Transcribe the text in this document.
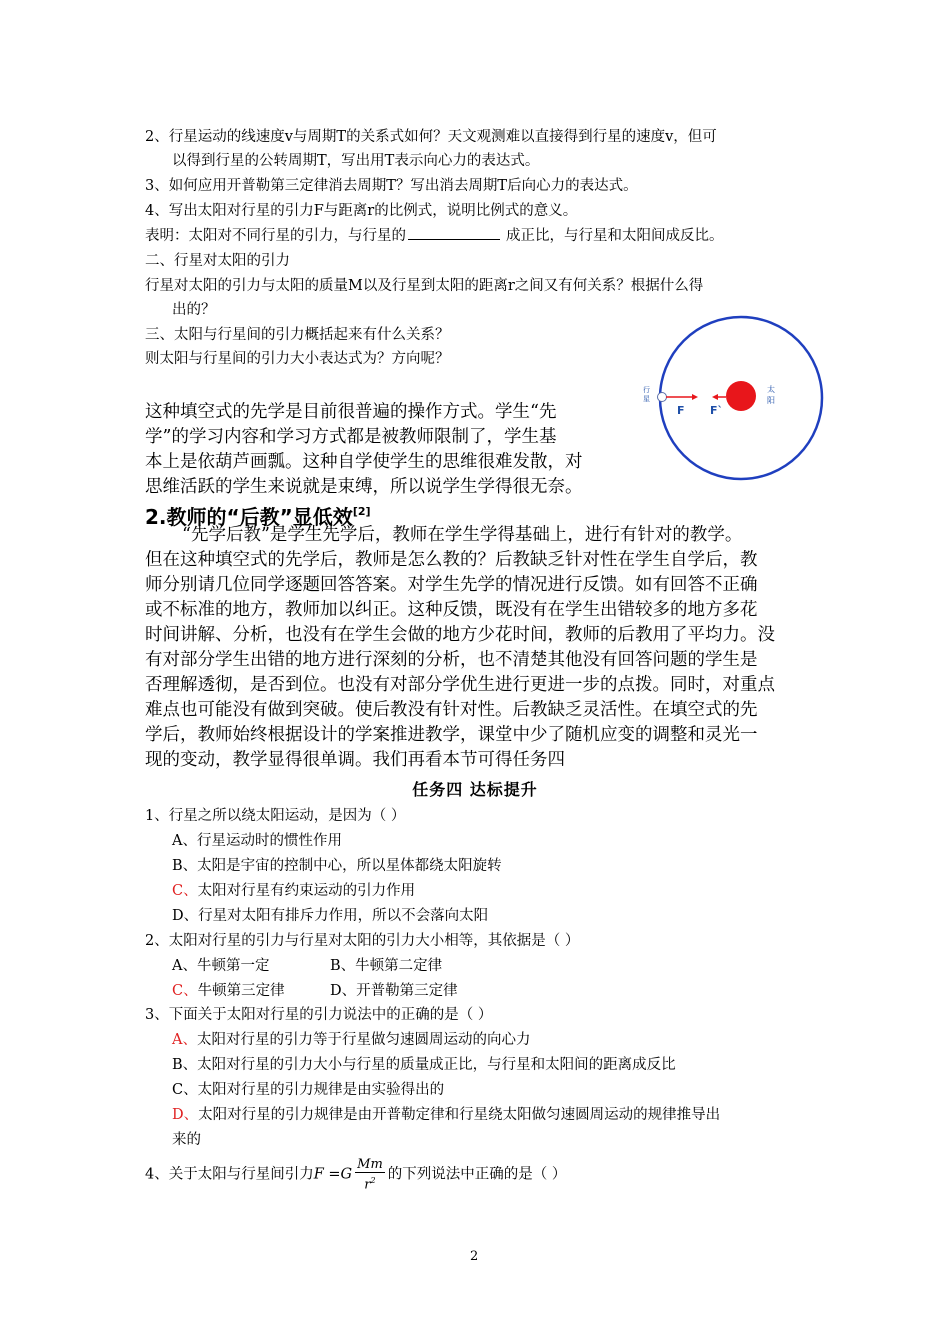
2、行星运动的线速度v与周期T的关系式如何？天文观测难以直接得到行星的速度v，但可
以得到行星的公转周期T，写出用T表示向心力的表达式。
3、如何应用开普勒第三定律消去周期T？写出消去周期T后向心力的表达式。
4、写出太阳对行星的引力F与距离r的比例式，说明比例式的意义。
表明：太阳对不同行星的引力，与行星的	成正比，与行星和太阳间成反比。
二、行星对太阳的引力
行星对太阳的引力与太阳的质量M以及行星到太阳的距离r之间又有何关系？根据什么得
出的？
三、太阳与行星间的引力概括起来有什么关系？
则太阳与行星间的引力大小表达式为？方向呢？
行
星
太
阳
F F`
这种填空式的先学是目前很普遍的操作方式。学生“先
学”的学习内容和学习方式都是被教师限制了，学生基
本上是依葫芦画瓢。这种自学使学生的思维很难发散，对
思维活跃的学生来说就是束缚，所以说学生学得很无奈。
2.教师的“后教”显低效[2]
“先学后教”是学生先学后，教师在学生学得基础上，进行有针对的教学。
但在这种填空式的先学后，教师是怎么教的？后教缺乏针对性在学生自学后，教
师分别请几位同学逐题回答答案。对学生先学的情况进行反馈。如有回答不正确
或不标准的地方，教师加以纠正。这种反馈，既没有在学生出错较多的地方多花
时间讲解、分析，也没有在学生会做的地方少花时间，教师的后教用了平均力。没
有对部分学生出错的地方进行深刻的分析，也不清楚其他没有回答问题的学生是
否理解透彻，是否到位。也没有对部分学优生进行更进一步的点拨。同时，对重点
难点也可能没有做到突破。使后教没有针对性。后教缺乏灵活性。在填空式的先
学后，教师始终根据设计的学案推进教学，课堂中少了随机应变的调整和灵光一
现的变动，教学显得很单调。我们再看本节可得任务四
任务四 达标提升
1、行星之所以绕太阳运动，是因为（ ）
A、行星运动时的惯性作用
B、太阳是宇宙的控制中心，所以星体都绕太阳旋转
C、太阳对行星有约束运动的引力作用
D、行星对太阳有排斥力作用，所以不会落向太阳
2、太阳对行星的引力与行星对太阳的引力大小相等，其依据是（ ）
A、牛顿第一定	B、牛顿第二定律
C、牛顿第三定律	D、开普勒第三定律
3、下面关于太阳对行星的引力说法中的正确的是（ ）
A、太阳对行星的引力等于行星做匀速圆周运动的向心力
B、太阳对行星的引力大小与行星的质量成正比，与行星和太阳间的距离成反比
C、太阳对行星的引力规律是由实验得出的
D、太阳对行星的引力规律是由开普勒定律和行星绕太阳做匀速圆周运动的规律推导出
来的
4、关于太阳与行星间引力$F =G \frac{Mm}{r^2}$ 的下列说法中正确的是（ ）
2
